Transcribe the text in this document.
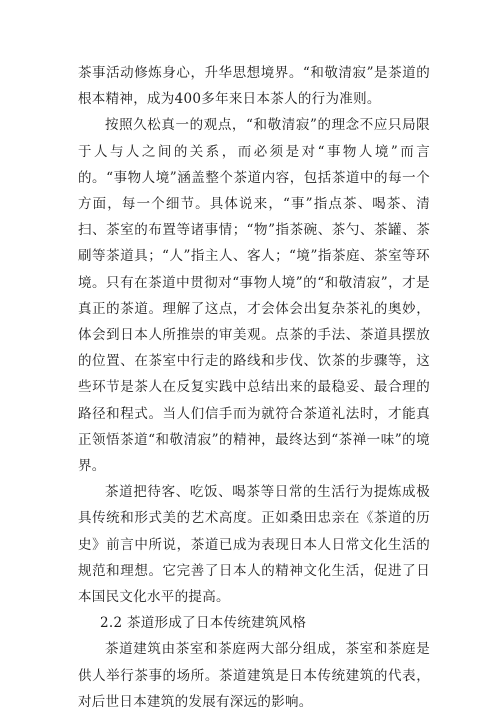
茶事活动修炼身心，升华思想境界。“和敬清寂”是茶道的根本精神，成为400多年来日本茶人的行为准则。

按照久松真一的观点，“和敬清寂”的理念不应只局限于人与人之间的关系，而必须是对“事物人境”而言的。“事物人境”涵盖整个茶道内容，包括茶道中的每一个方面，每一个细节。具体说来，“事”指点茶、喝茶、清扫、茶室的布置等诸事情；“物”指茶碗、茶勺、茶罐、茶刷等茶道具；“人”指主人、客人；“境”指茶庭、茶室等环境。只有在茶道中贯彻对“事物人境”的“和敬清寂”，才是真正的茶道。理解了这点，才会体会出复杂茶礼的奥妙，体会到日本人所推崇的审美观。点茶的手法、茶道具摆放的位置、在茶室中行走的路线和步伐、饮茶的步骤等，这些环节是茶人在反复实践中总结出来的最稳妥、最合理的路径和程式。当人们信手而为就符合茶道礼法时，才能真正领悟茶道“和敬清寂”的精神，最终达到“茶禅一味”的境界。

茶道把待客、吃饭、喝茶等日常的生活行为提炼成极具传统和形式美的艺术高度。正如桑田忠亲在《茶道的历史》前言中所说，茶道已成为表现日本人日常文化生活的规范和理想。它完善了日本人的精神文化生活，促进了日本国民文化水平的提高。

2.2 茶道形成了日本传统建筑风格

茶道建筑由茶室和茶庭两大部分组成，茶室和茶庭是供人举行茶事的场所。茶道建筑是日本传统建筑的代表，对后世日本建筑的发展有深远的影响。
